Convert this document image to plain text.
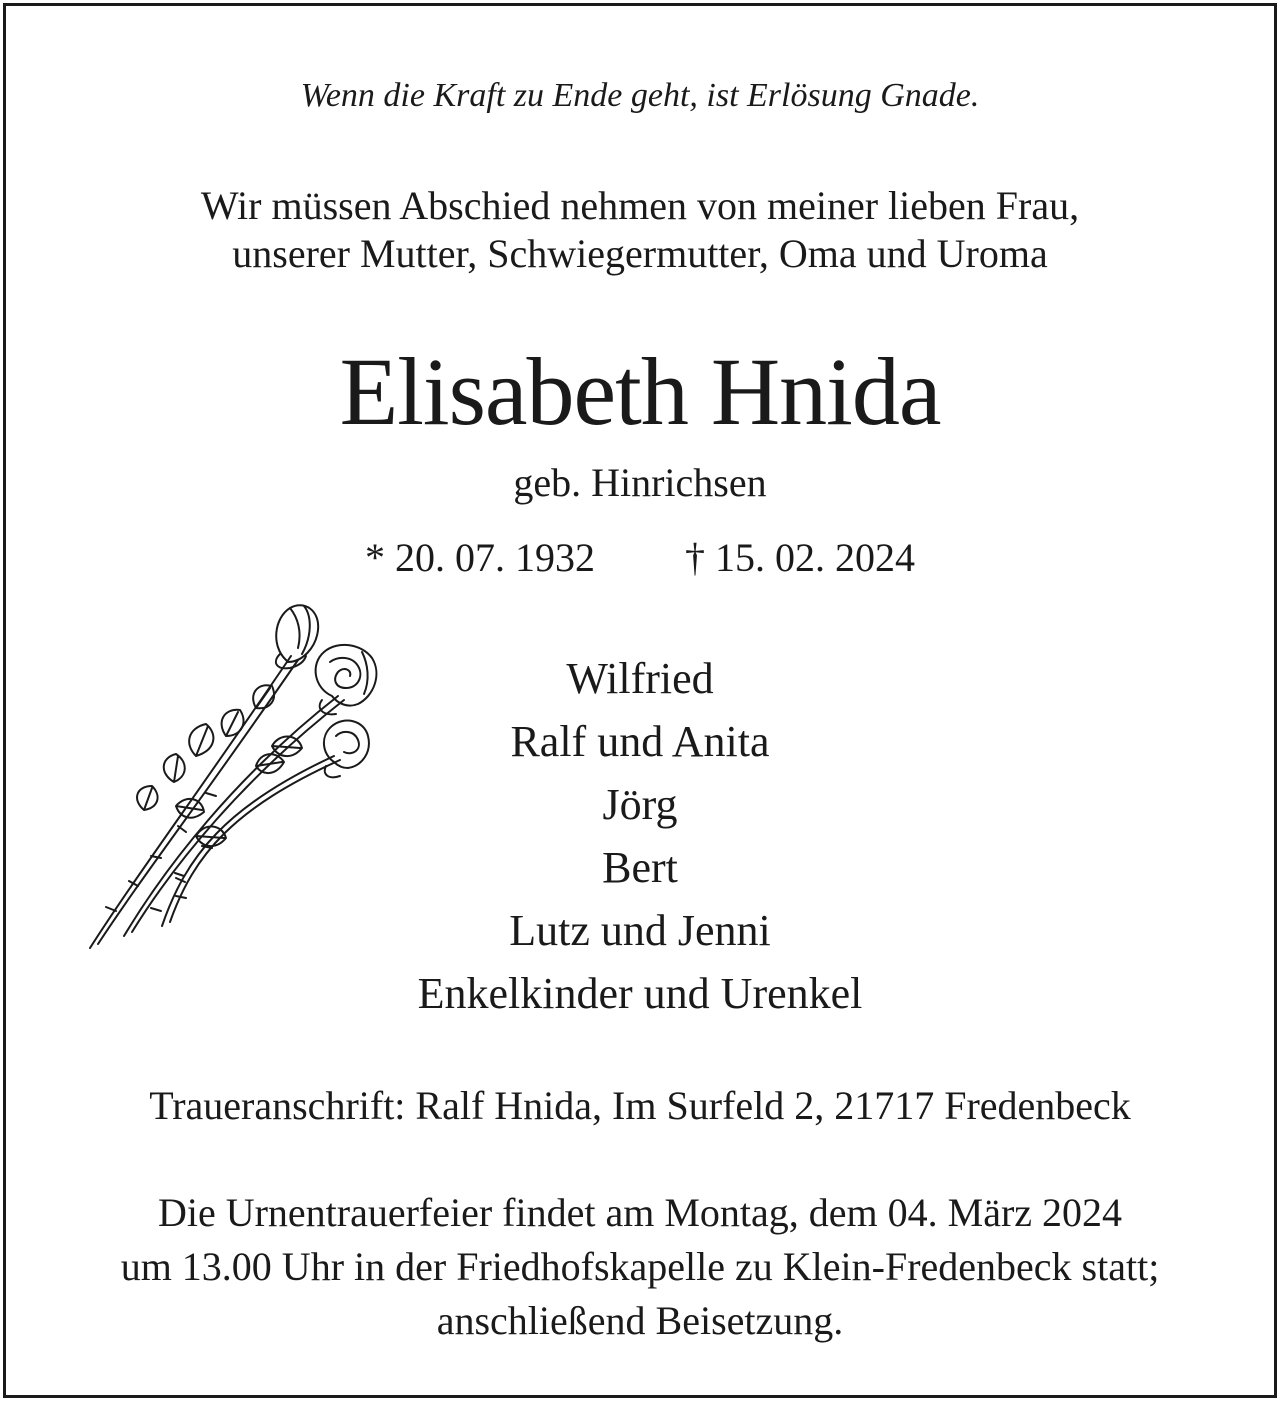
Wenn die Kraft zu Ende geht, ist Erlösung Gnade.

Wir müssen Abschied nehmen von meiner lieben Frau,
unserer Mutter, Schwiegermutter, Oma und Uroma
Elisabeth Hnida

geb. Hinrichsen

* 20. 07. 1932 † 15. 02. 2024

Wilfried
Ralf und Anita
Jörg
Bert
Lutz und Jenni
Enkelkinder und Urenkel

Traueranschrift: Ralf Hnida, Im Surfeld 2, 21717 Fredenbeck

Die Urnentrauerfeier findet am Montag, dem 04. März 2024
um 13.00 Uhr in der Friedhofskapelle zu Klein-Fredenbeck statt;
anschließend Beisetzung.
